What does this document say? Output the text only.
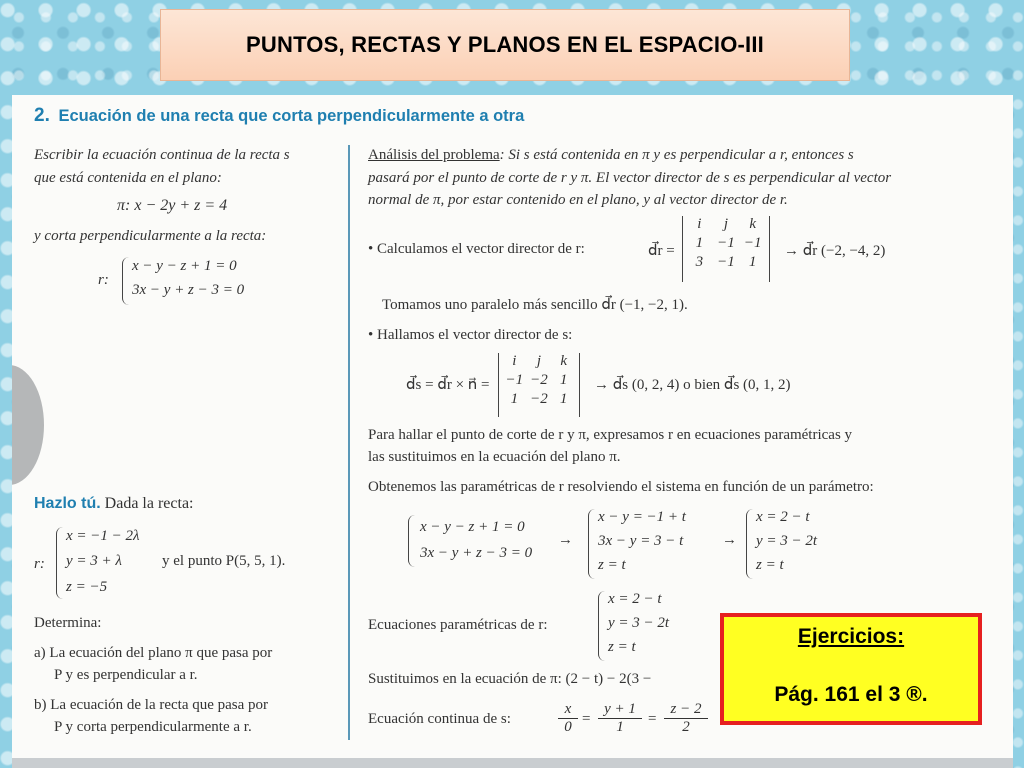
PUNTOS, RECTAS Y PLANOS EN EL ESPACIO-III
2. Ecuación de una recta que corta perpendicularmente a otra
Escribir la ecuación continua de la recta s
que está contenida en el plano:
π: x − 2y + z = 4
y corta perpendicularmente a la recta:
r:
x − y − z + 1 = 0
3x − y + z − 3 = 0
Hazlo tú. Dada la recta:
r:
x = −1 − 2λ
y = 3 + λ
z = −5
y el punto P(5, 5, 1).
Determina:
a) La ecuación del plano π que pasa por
P y es perpendicular a r.
b) La ecuación de la recta que pasa por
P y corta perpendicularmente a r.
Análisis del problema: Si s está contenida en π y es perpendicular a r, entonces s
pasará por el punto de corte de r y π. El vector director de s es perpendicular al vector
normal de π, por estar contenido en el plano, y al vector director de r.
• Calculamos el vector director de r:	d⃗r =
i	j	k
1 −1 −1
3 −1 1
→ d⃗r (−2, −4, 2)
Tomamos uno paralelo más sencillo d⃗r (−1, −2, 1).
• Hallamos el vector director de s:
d⃗s = d⃗r × n⃗ =
i	j	k
−1 −2 1
1 −2 1
→ d⃗s (0, 2, 4) o bien d⃗s (0, 1, 2)
Para hallar el punto de corte de r y π, expresamos r en ecuaciones paramétricas y
las sustituimos en la ecuación del plano π.
Obtenemos las paramétricas de r resolviendo el sistema en función de un parámetro:
x − y − z + 1 = 0
3x − y + z − 3 = 0
→
x − y = −1 + t
3x − y = 3 − t
z = t
→
x = 2 − t
y = 3 − 2t
z = t
Ecuaciones paramétricas de r:
x = 2 − t
y = 3 − 2t
z = t
Sustituimos en la ecuación de π: (2 − t) − 2(3 −
Ecuación continua de s:	$\frac{x}{0} = \frac{y + 1}{1} = \frac{z - 2}{2}$
Ejercicios:
Pág. 161 el 3 ®.
